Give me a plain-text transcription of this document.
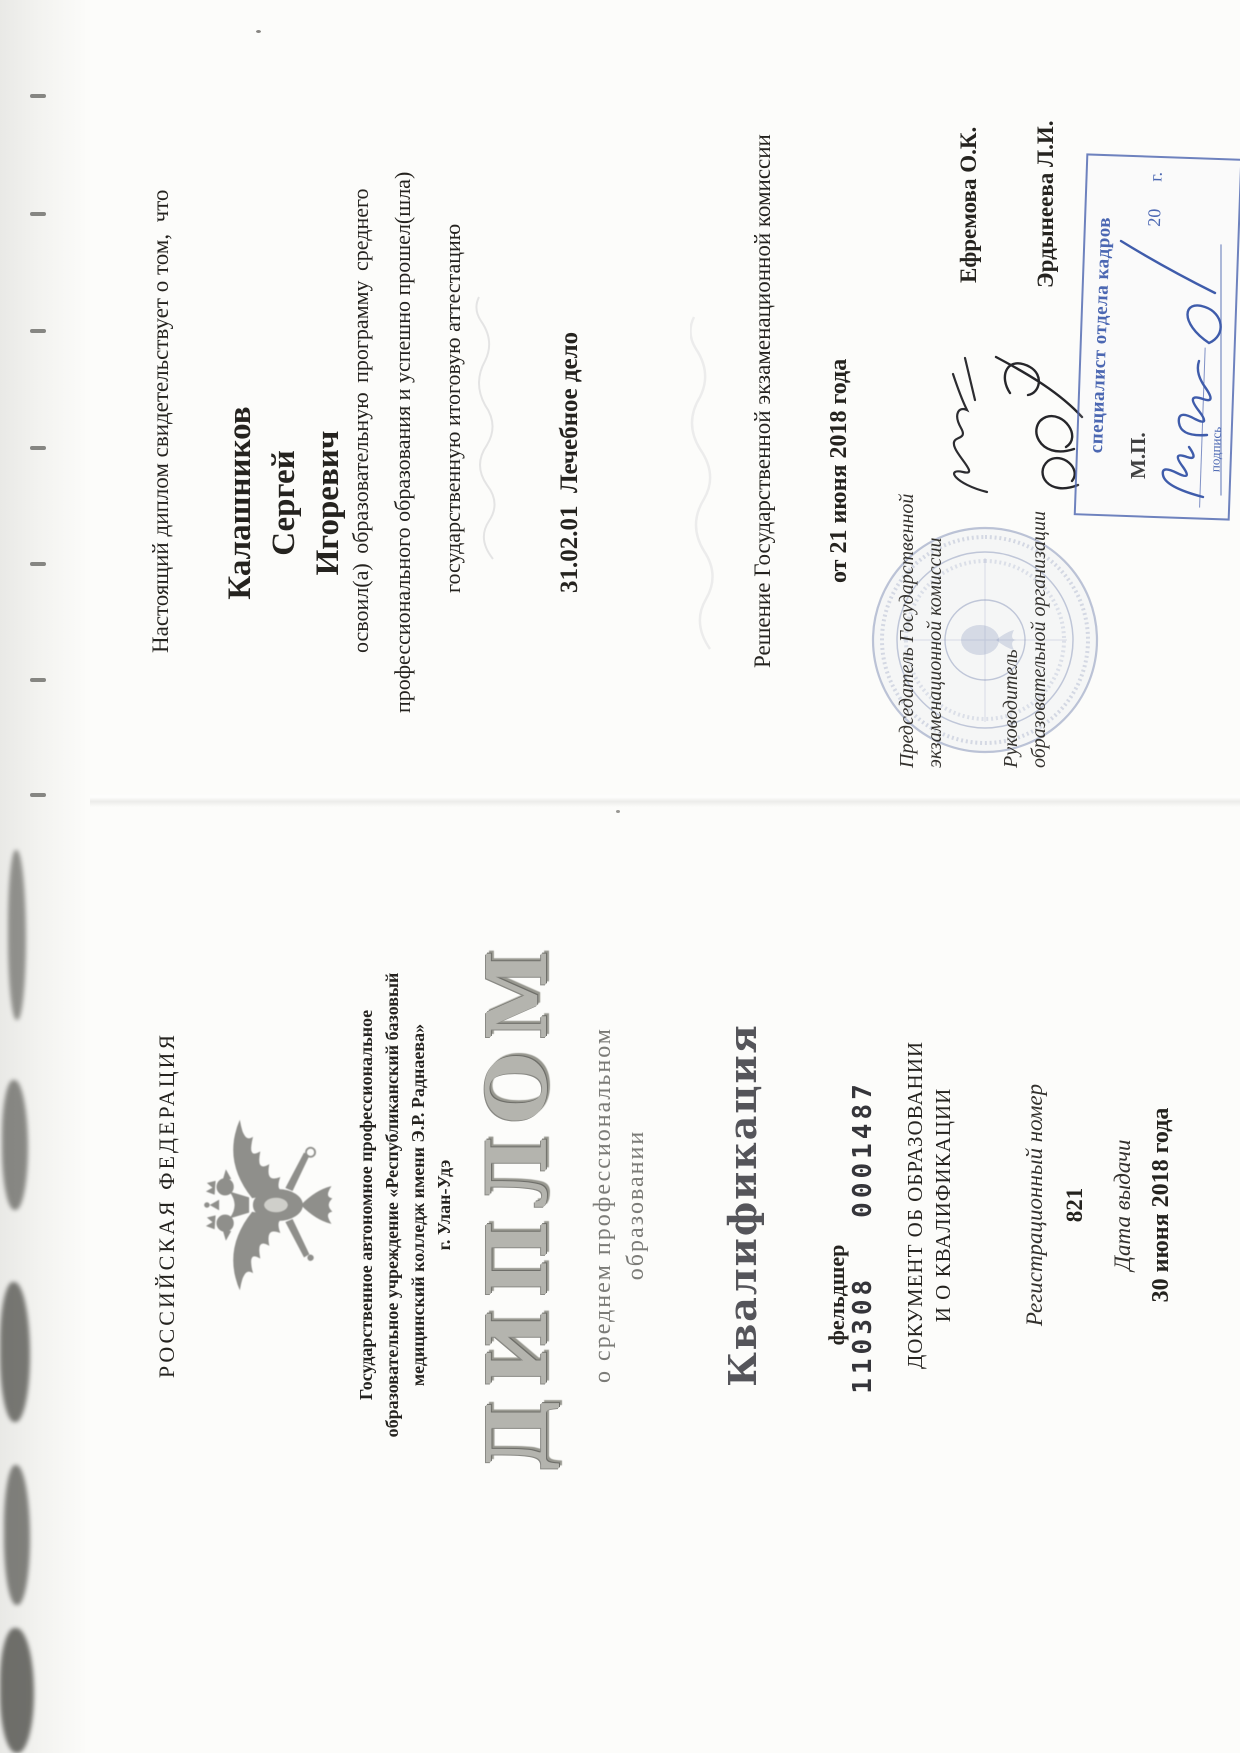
РОССИЙСКАЯ ФЕДЕРАЦИЯ	Государственное автономное профессиональное образовательное учреждение «Республиканский базовый медицинский колледж имени Э.Р. Раднаева» г. Улан-Удэ ДИПЛОМ о среднем профессиональном образовании Квалификация	фельдшер 1103080001487 ДОКУМЕНТ ОБ ОБРАЗОВАНИИ И О КВАЛИФИКАЦИИ	Регистрационный номер 821 Дата выдачи 30 июня 2018 года
Настоящий диплом свидетельствует о том,  что Калашников Сергей Игоревич освоил(а) образовательную программу среднего профессионального образования и успешно прошел(шла) государственную итоговую аттестацию	31.02.01  Лечебное дело	Решение Государственной экзаменационной комиссии от 21 июня 2018 года
Председатель Государственной экзаменационной комиссии
Ефремова О.К.
Руководитель образовательной организации
Эрдынеева Л.И.
М.П.
специалист отдела кадров
20      г.
подпись
